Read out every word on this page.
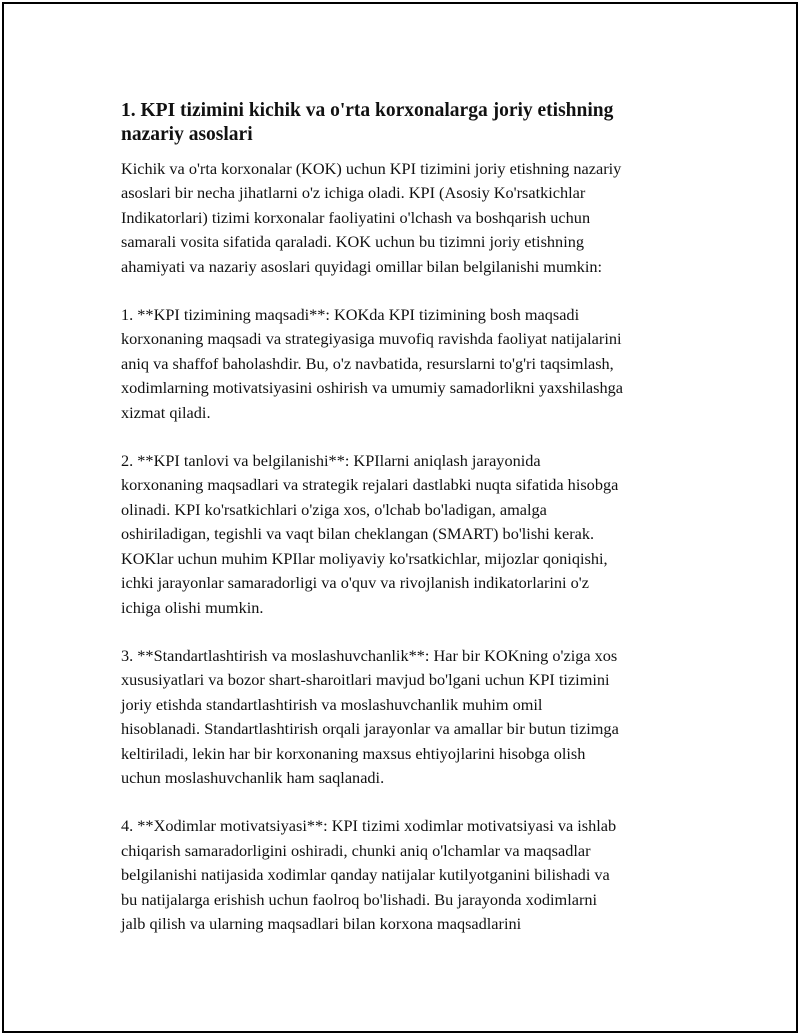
1. KPI tizimini kichik va o'rta korxonalarga joriy etishning
nazariy asoslari

Kichik va o'rta korxonalar (KOK) uchun KPI tizimini joriy etishning nazariy
asoslari bir necha jihatlarni o'z ichiga oladi. KPI (Asosiy Ko'rsatkichlar
Indikatorlari) tizimi korxonalar faoliyatini o'lchash va boshqarish uchun
samarali vosita sifatida qaraladi. KOK uchun bu tizimni joriy etishning
ahamiyati va nazariy asoslari quyidagi omillar bilan belgilanishi mumkin:

1. **KPI tizimining maqsadi**: KOKda KPI tizimining bosh maqsadi
korxonaning maqsadi va strategiyasiga muvofiq ravishda faoliyat natijalarini
aniq va shaffof baholashdir. Bu, o'z navbatida, resurslarni to'g'ri taqsimlash,
xodimlarning motivatsiyasini oshirish va umumiy samadorlikni yaxshilashga
xizmat qiladi.

2. **KPI tanlovi va belgilanishi**: KPIlarni aniqlash jarayonida
korxonaning maqsadlari va strategik rejalari dastlabki nuqta sifatida hisobga
olinadi. KPI ko'rsatkichlari o'ziga xos, o'lchab bo'ladigan, amalga
oshiriladigan, tegishli va vaqt bilan cheklangan (SMART) bo'lishi kerak.
KOKlar uchun muhim KPIlar moliyaviy ko'rsatkichlar, mijozlar qoniqishi,
ichki jarayonlar samaradorligi va o'quv va rivojlanish indikatorlarini o'z
ichiga olishi mumkin.

3. **Standartlashtirish va moslashuvchanlik**: Har bir KOKning o'ziga xos
xususiyatlari va bozor shart-sharoitlari mavjud bo'lgani uchun KPI tizimini
joriy etishda standartlashtirish va moslashuvchanlik muhim omil
hisoblanadi. Standartlashtirish orqali jarayonlar va amallar bir butun tizimga
keltiriladi, lekin har bir korxonaning maxsus ehtiyojlarini hisobga olish
uchun moslashuvchanlik ham saqlanadi.

4. **Xodimlar motivatsiyasi**: KPI tizimi xodimlar motivatsiyasi va ishlab
chiqarish samaradorligini oshiradi, chunki aniq o'lchamlar va maqsadlar
belgilanishi natijasida xodimlar qanday natijalar kutilyotganini bilishadi va
bu natijalarga erishish uchun faolroq bo'lishadi. Bu jarayonda xodimlarni
jalb qilish va ularning maqsadlari bilan korxona maqsadlarini
